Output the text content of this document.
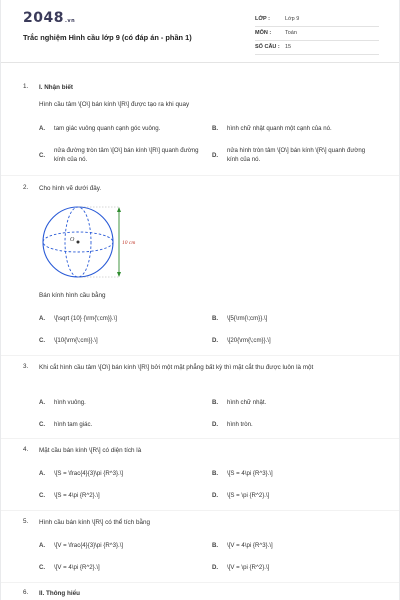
2048.vn
Trắc nghiệm Hình cầu lớp 9 (có đáp án - phần 1)
LỚP :	Lớp 9
MÔN :	Toán
SỐ CÂU : 15
1. I. Nhận biết
Hình cầu tâm \[O\] bán kính \[R\] được tạo ra khi quay
A. tam giác vuông quanh cạnh góc vuông.	B. hình chữ nhật quanh một cạnh của nó.
C.
nửa đường tròn tâm \[O\] bán kính \[R\] quanh đường kính của nó.
D.
nửa hình tròn tâm \[O\] bán kính \[R\] quanh đường kính của nó.
2. Cho hình vẽ dưới đây.
O	10 cm
Bán kính hình cầu bằng
A. \[\sqrt {10} {\rm{\;cm}}.\]	B. \[5{\rm{\;cm}}.\]
C. \[10{\rm{\;cm}}.\]	D. \[20{\rm{\;cm}}.\]
3. Khi cắt hình cầu tâm \[O\] bán kính \[R\] bởi một mặt phẳng bất kỳ thì mặt cắt thu được luôn là một
A. hình vuông.	B. hình chữ nhật.
C. hình tam giác.	D. hình tròn.
4. Mặt cầu bán kính \[R\] có diện tích là
A. \[S = \frac{4}{3}\pi {R^3}.\]	B. \[S = 4\pi {R^3}.\]
C. \[S = 4\pi {R^2}.\]	D. \[S = \pi {R^2}.\]
5. Hình cầu bán kính \[R\] có thể tích bằng
A. \[V = \frac{4}{3}\pi {R^3}.\]	B. \[V = 4\pi {R^3}.\]
C. \[V = 4\pi {R^2}.\]	D. \[V = \pi {R^2}.\]
6. II. Thông hiểu
